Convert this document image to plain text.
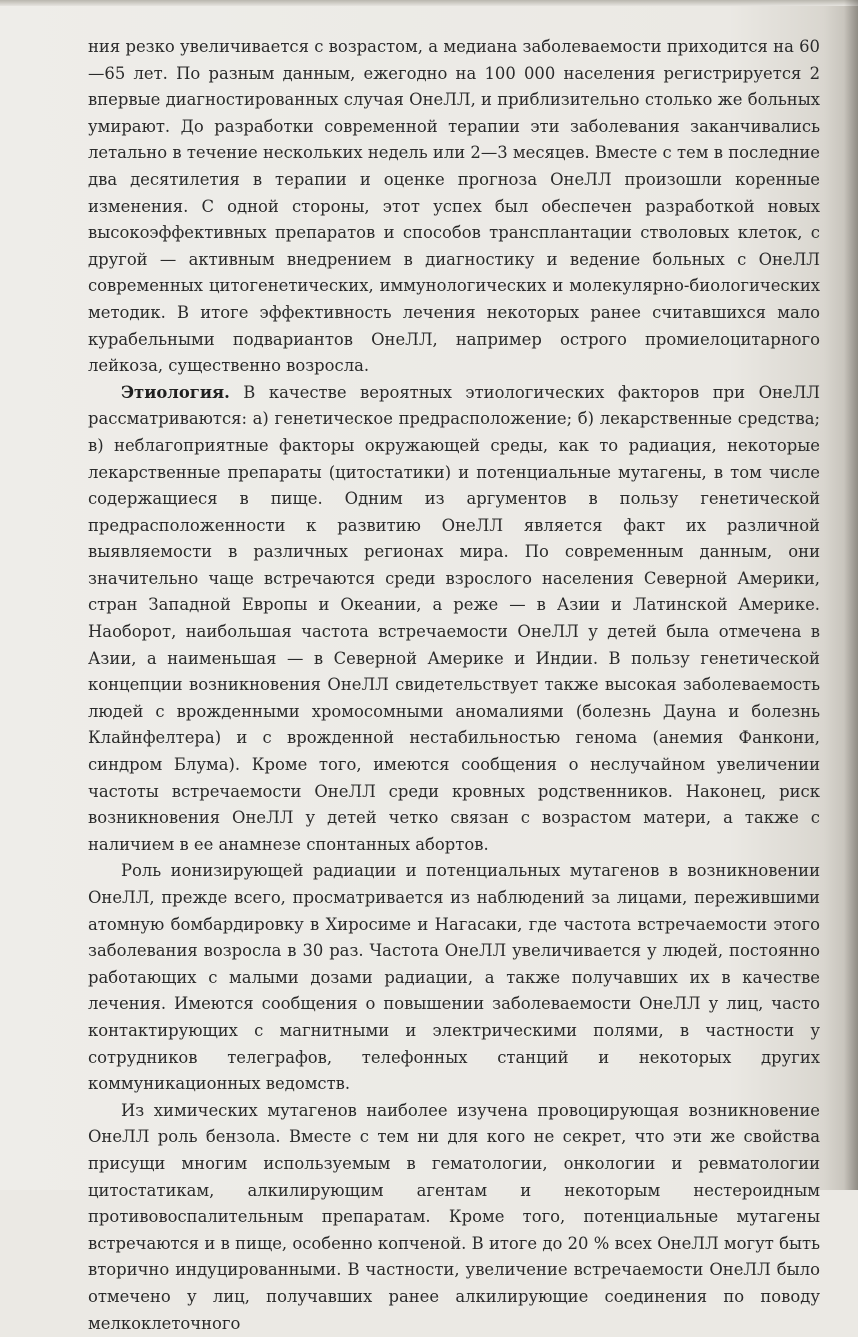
ния резко увеличивается с возрастом, а медиана заболеваемости приходится на 60—65 лет. По разным данным, ежегодно на 100 000 населения регистрируется 2 впервые диагностированных случая ОнеЛЛ, и приблизительно столько же больных умирают. До разработки современной терапии эти заболевания заканчивались летально в течение нескольких недель или 2—3 месяцев. Вместе с тем в последние два десятилетия в терапии и оценке прогноза ОнеЛЛ произошли коренные изменения. С одной стороны, этот успех был обеспечен разработкой новых высокоэффективных препаратов и способов трансплантации стволовых клеток, с другой — активным внедрением в диагностику и ведение больных с ОнеЛЛ современных цитогенетических, иммунологических и молекулярно-биологических методик. В итоге эффективность лечения некоторых ранее считавшихся мало курабельными подвариантов ОнеЛЛ, например острого промиелоцитарного лейкоза, существенно возросла.

Этиология. В качестве вероятных этиологических факторов при ОнеЛЛ рассматриваются: а) генетическое предрасположение; б) лекарственные средства; в) неблагоприятные факторы окружающей среды, как то радиация, некоторые лекарственные препараты (цитостатики) и потенциальные мутагены, в том числе содержащиеся в пище. Одним из аргументов в пользу генетической предрасположенности к развитию ОнеЛЛ является факт их различной выявляемости в различных регионах мира. По современным данным, они значительно чаще встречаются среди взрослого населения Северной Америки, стран Западной Европы и Океании, а реже — в Азии и Латинской Америке. Наоборот, наибольшая частота встречаемости ОнеЛЛ у детей была отмечена в Азии, а наименьшая — в Северной Америке и Индии. В пользу генетической концепции возникновения ОнеЛЛ свидетельствует также высокая заболеваемость людей с врожденными хромосомными аномалиями (болезнь Дауна и болезнь Клайнфелтера) и с врожденной нестабильностью генома (анемия Фанкони, синдром Блума). Кроме того, имеются сообщения о неслучайном увеличении частоты встречаемости ОнеЛЛ среди кровных родственников. Наконец, риск возникновения ОнеЛЛ у детей четко связан с возрастом матери, а также с наличием в ее анамнезе спонтанных абортов.

Роль ионизирующей радиации и потенциальных мутагенов в возникновении ОнеЛЛ, прежде всего, просматривается из наблюдений за лицами, пережившими атомную бомбардировку в Хиросиме и Нагасаки, где частота встречаемости этого заболевания возросла в 30 раз. Частота ОнеЛЛ увеличивается у людей, постоянно работающих с малыми дозами радиации, а также получавших их в качестве лечения. Имеются сообщения о повышении заболеваемости ОнеЛЛ у лиц, часто контактирующих с магнитными и электрическими полями, в частности у сотрудников телеграфов, телефонных станций и некоторых других коммуникационных ведомств.

Из химических мутагенов наиболее изучена провоцирующая возникновение ОнеЛЛ роль бензола. Вместе с тем ни для кого не секрет, что эти же свойства присущи многим используемым в гематологии, онкологии и ревматологии цитостатикам, алкилирующим агентам и некоторым нестероидным противовоспалительным препаратам. Кроме того, потенциальные мутагены встречаются и в пище, особенно копченой. В итоге до 20 % всех ОнеЛЛ могут быть вторично индуцированными. В частности, увеличение встречаемости ОнеЛЛ было отмечено у лиц, получавших ранее алкилирующие соединения по поводу мелкоклеточного
